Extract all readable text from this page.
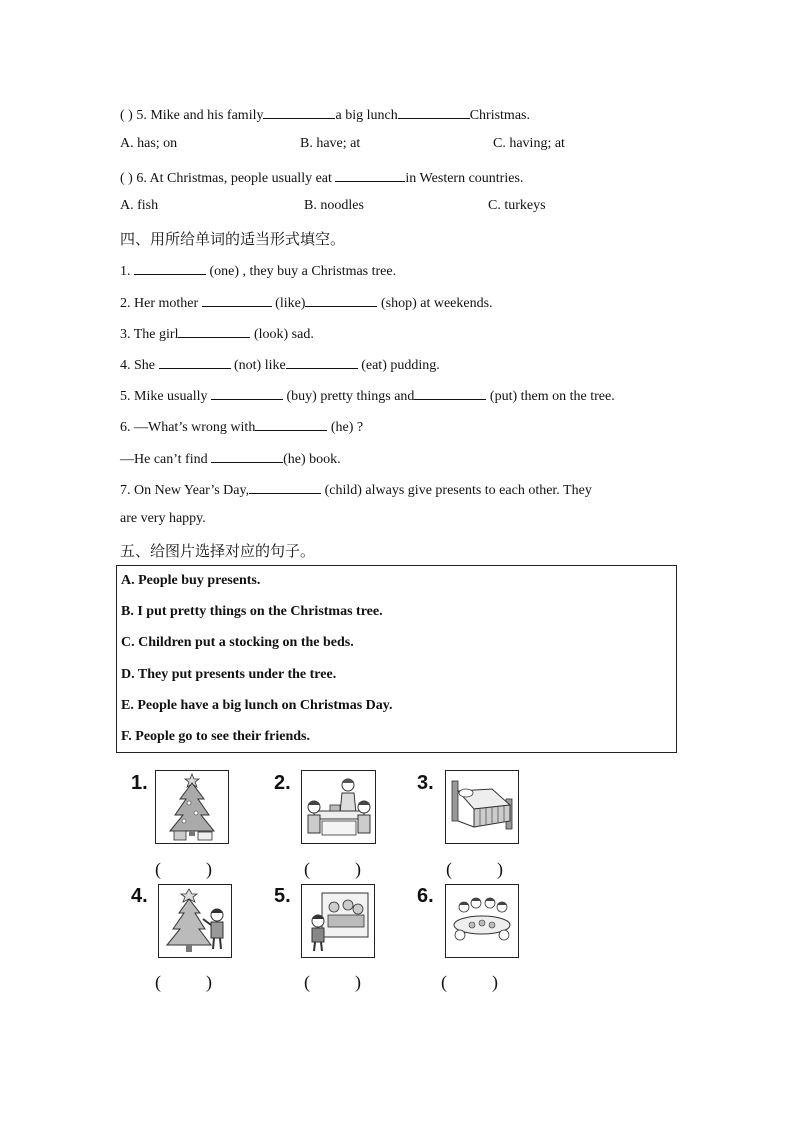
( ) 5. Mike and his family	a big lunch	Christmas.
A. has; on	B. have; at	C. having; at
( ) 6. At Christmas, people usually eat	in Western countries.
A. fish	B. noodles	C. turkeys
四、用所给单词的适当形式填空。
1.	(one) , they buy a Christmas tree.
2. Her mother	(like)	(shop) at weekends.
3. The girl	(look) sad.
4. She	(not) like	(eat) pudding.
5. Mike usually	(buy) pretty things and	(put) them on the tree.
6. —What’s wrong with	(he) ?
—He can’t find	(he) book.
7. On New Year’s Day,	(child) always give presents to each other. They
are very happy.
五、给图片选择对应的句子。
A. People buy presents.
B. I put pretty things on the Christmas tree.
C. Children put a stocking on the beds.
D. They put presents under the tree.
E. People have a big lunch on Christmas Day.
F. People go to see their friends.
1.	2.	3.
4.	5.	6.
(          )	(          )	(          )
(          )	(          )	(          )
